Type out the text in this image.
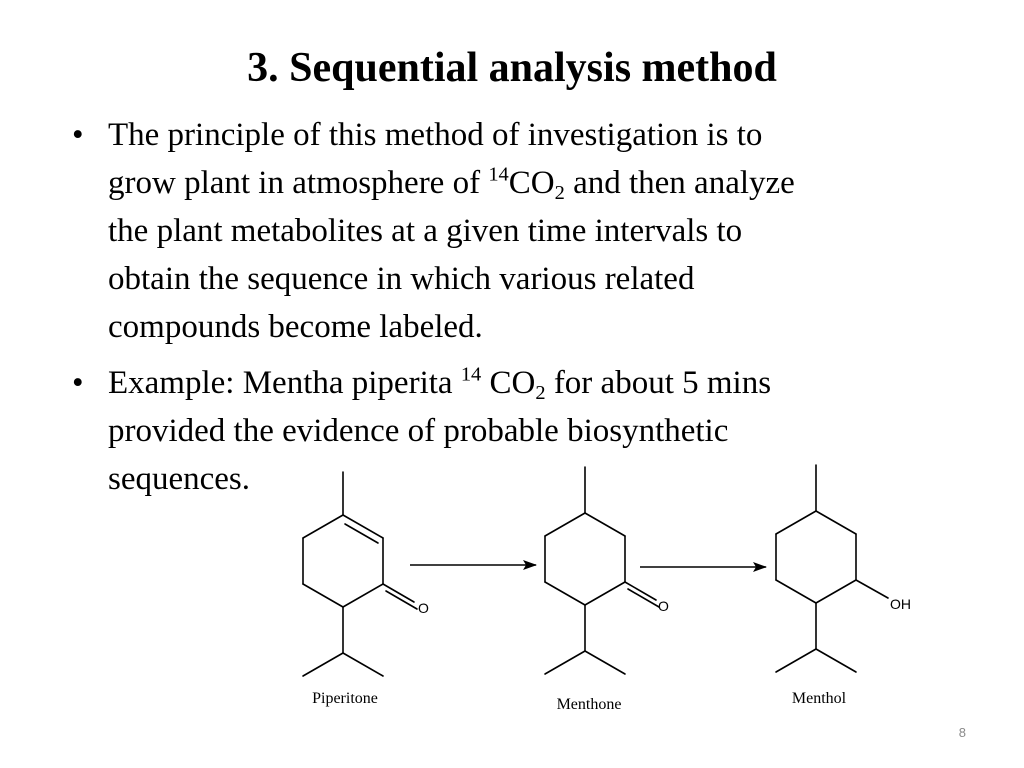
3. Sequential analysis method
• The principle of this method of investigation is to
grow plant in atmosphere of $^{14}CO_2$ and then analyze
the plant metabolites at a given time intervals to
obtain the sequence in which various related
compounds become labeled.
• Example: Mentha piperita $^{14}$ $CO_2$ for about 5 mins
provided the evidence of probable biosynthetic
sequences.
O
Piperitone
O
Menthone
OH
Menthol
8
